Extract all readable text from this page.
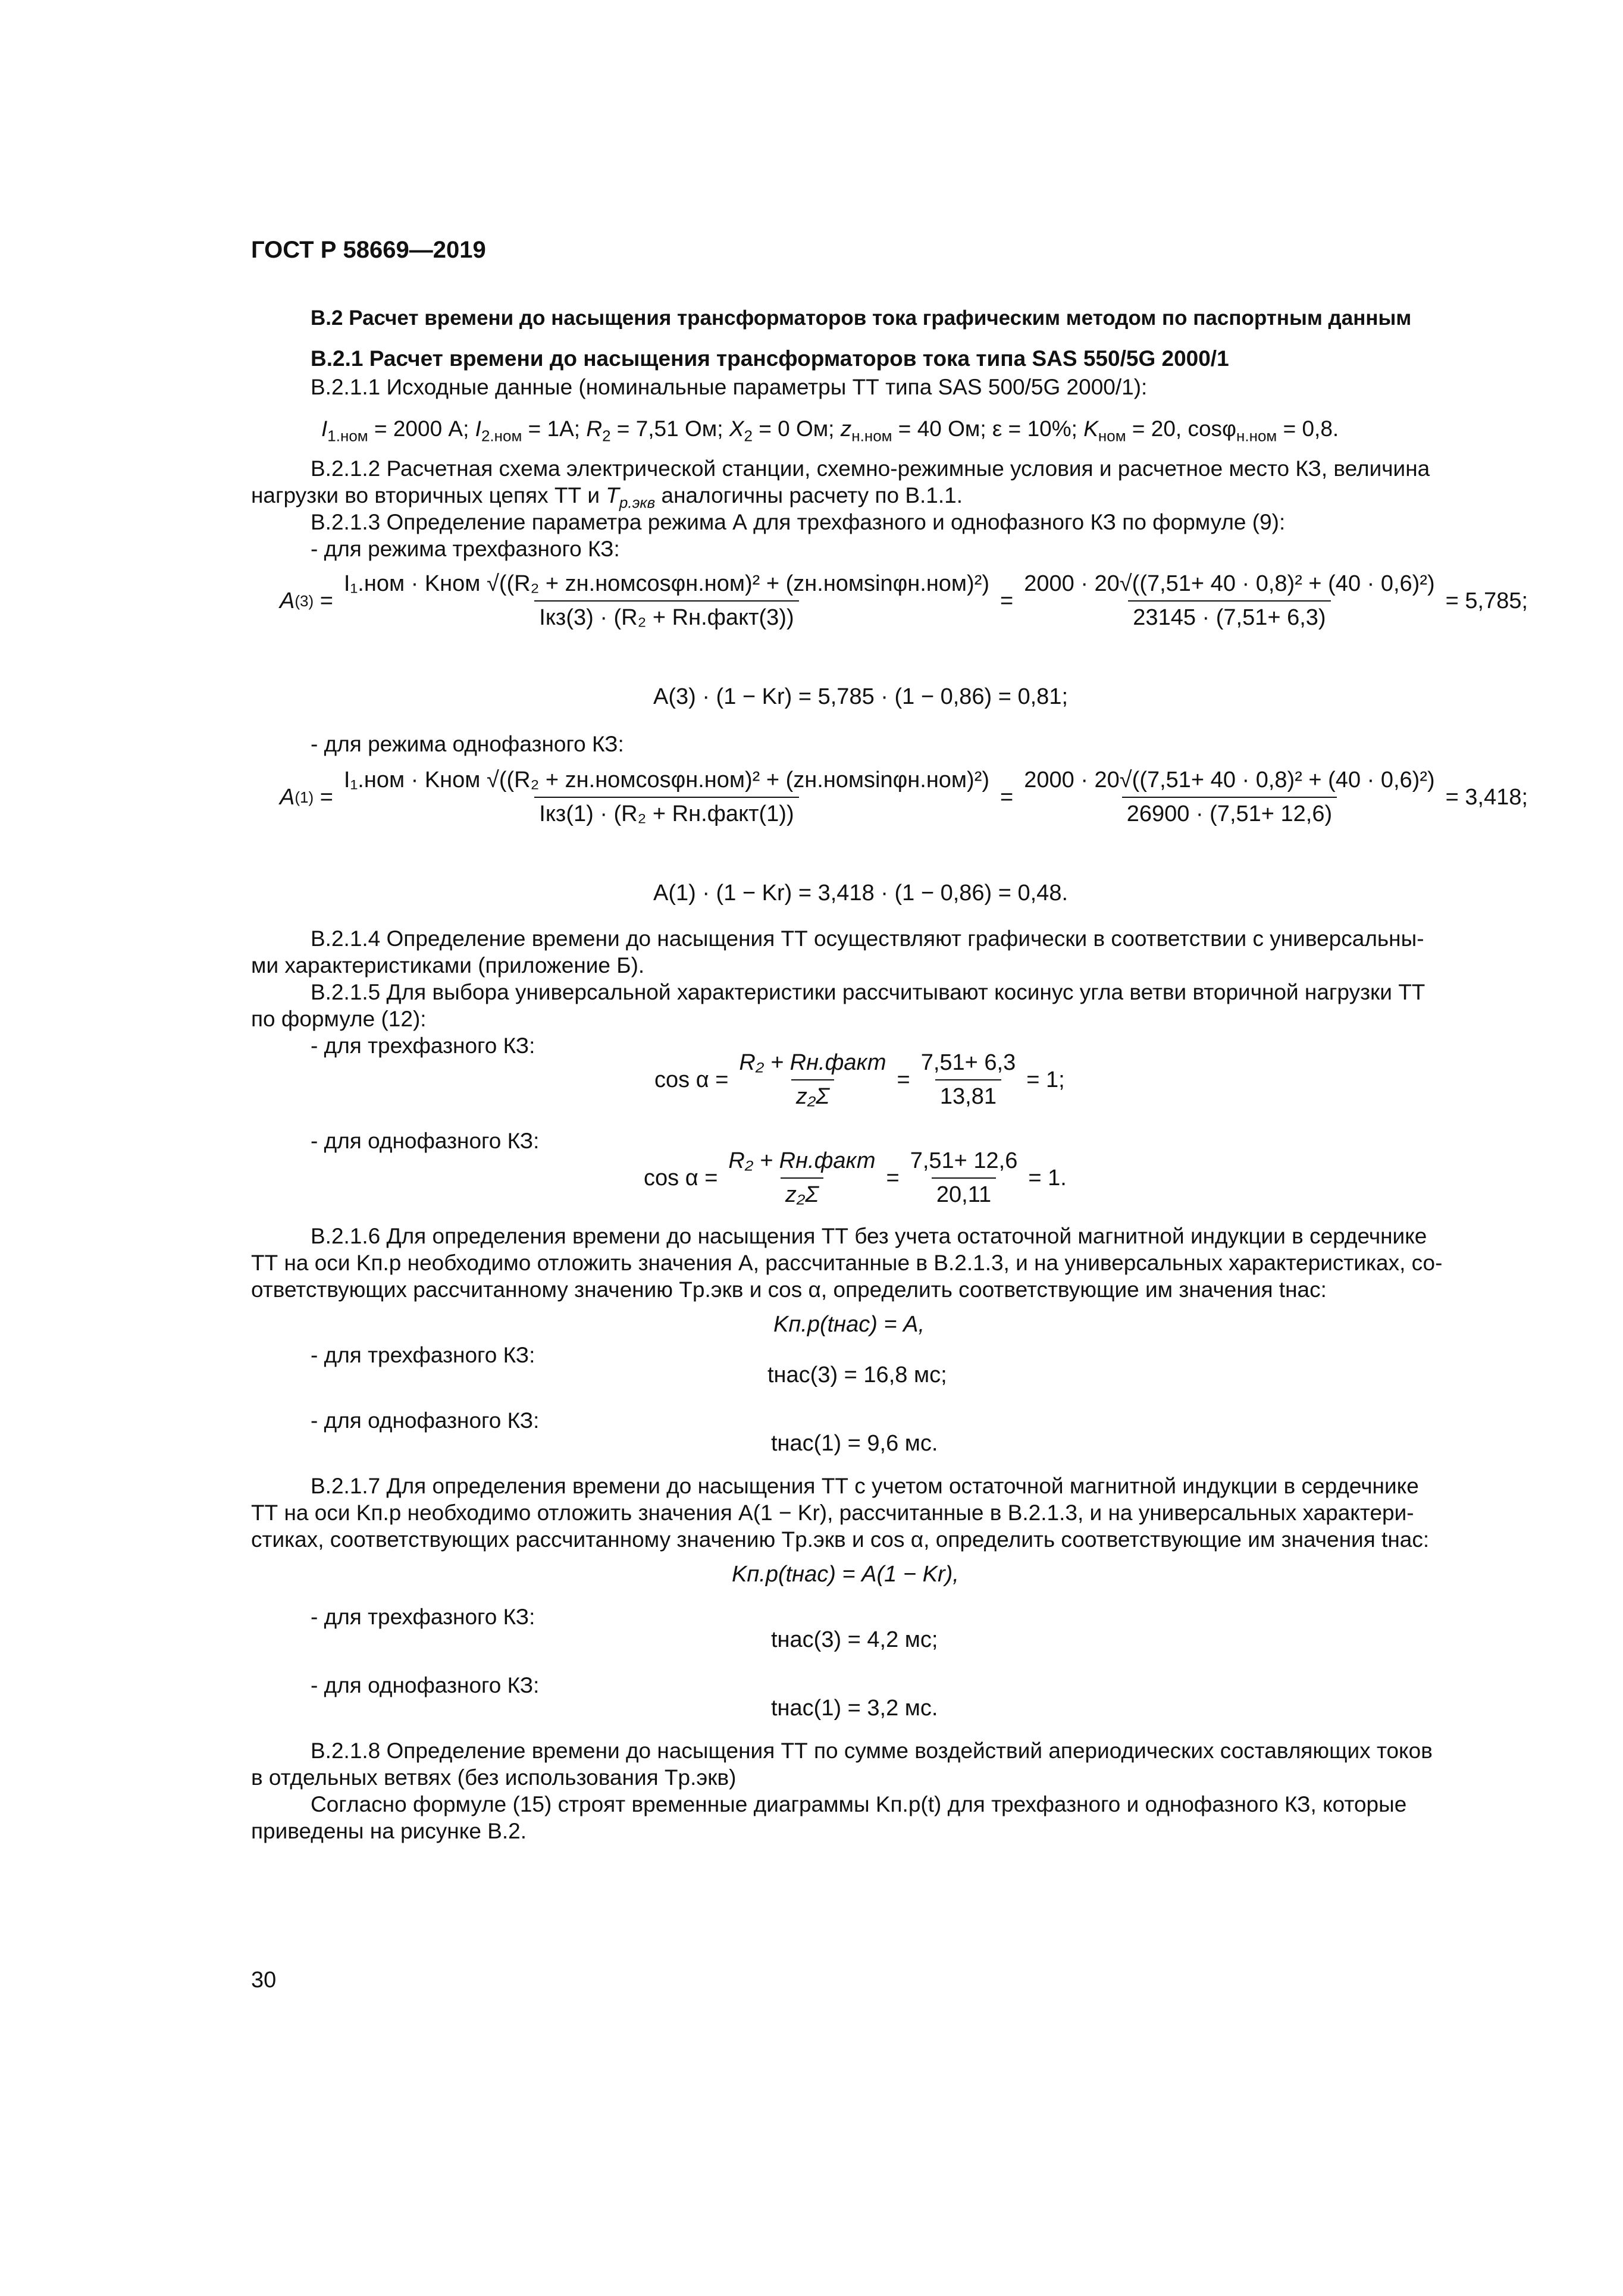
ГОСТ Р 58669—2019
В.2 Расчет времени до насыщения трансформаторов тока графическим методом по паспортным данным
В.2.1 Расчет времени до насыщения трансформаторов тока типа SAS 550/5G 2000/1
В.2.1.1 Исходные данные (номинальные параметры ТТ типа SAS 500/5G 2000/1):
$I_{1.ном} = 2000$ А; $I_{2.ном} = 1А$; $R_2 = 7,51$ Ом; $X_2 = 0$ Ом; $z_{н.ном} = 40$ Ом; ε = 10%; $K_{ном} = 20$, cosφ$_{н.ном}$ = 0,8.
В.2.1.2 Расчетная схема электрической станции, схемно-режимные условия и расчетное место КЗ, величина
нагрузки во вторичных цепях ТТ и $T_{р.экв}$ аналогичны расчету по В.1.1.
В.2.1.3 Определение параметра режима А для трехфазного и однофазного КЗ по формуле (9):
- для режима трехфазного КЗ:
A (3) =
I₁.ном · Kном √((R₂ + zн.номcosφн.ном)² + (zн.номsinφн.ном)²)
Iкз(3) · (R₂ + Rн.факт(3))
= $\frac{\text{2000 · 20√((7,51+ 40 · 0,8)² + (40 · 0,6)²)}}{23145 \cdot (7,51+ 6,3)} = 5,785$;
A(3) · (1 − Kr) = 5,785 · (1 − 0,86) = 0,81;
- для режима однофазного КЗ:
A (1) =
I₁.ном · Kном √((R₂ + zн.номcosφн.ном)² + (zн.номsinφн.ном)²)
Iкз(1) · (R₂ + Rн.факт(1))
= $\frac{\text{2000 · 20√((7,51+ 40 · 0,8)² + (40 · 0,6)²)}}{26900 \cdot (7,51+ 12,6)} = 3,418$;
A(1) · (1 − Kr) = 3,418 · (1 − 0,86) = 0,48.
В.2.1.4 Определение времени до насыщения ТТ осуществляют графически в соответствии с универсальны-
ми характеристиками (приложение Б).
В.2.1.5 Для выбора универсальной характеристики рассчитывают косинус угла ветви вторичной нагрузки ТТ
по формуле (12):
- для трехфазного КЗ:
$\cos \alpha = \frac{\text{R₂ + Rн.факт}}{\text{z₂Σ}} = \frac{7,51+ 6,3}{13,81} = 1$;
- для однофазного КЗ:
$\cos \alpha = \frac{\text{R₂ + Rн.факт}}{\text{z₂Σ}} = \frac{7,51+ 12,6}{20,11} = 1$.
В.2.1.6 Для определения времени до насыщения ТТ без учета остаточной магнитной индукции в сердечнике
ТТ на оси Kп.р необходимо отложить значения A, рассчитанные в В.2.1.3, и на универсальных характеристиках, со-
ответствующих рассчитанному значению Tр.экв и cos α, определить соответствующие им значения tнас:
Kп.р(tнас) = A,
- для трехфазного КЗ:
tнас(3) = 16,8 мс;
- для однофазного КЗ:
tнас(1) = 9,6 мс.
В.2.1.7 Для определения времени до насыщения ТТ с учетом остаточной магнитной индукции в сердечнике
ТТ на оси Kп.р необходимо отложить значения A(1 − Kr), рассчитанные в В.2.1.3, и на универсальных характери-
стиках, соответствующих рассчитанному значению Tр.экв и cos α, определить соответствующие им значения tнас:
Kп.р(tнас) = A(1 − Kr),
- для трехфазного КЗ:
tнас(3) = 4,2 мс;
- для однофазного КЗ:
tнас(1) = 3,2 мс.
В.2.1.8 Определение времени до насыщения ТТ по сумме воздействий апериодических составляющих токов
в отдельных ветвях (без использования Tр.экв)
Согласно формуле (15) строят временные диаграммы Kп.р(t) для трехфазного и однофазного КЗ, которые
приведены на рисунке В.2.
30
